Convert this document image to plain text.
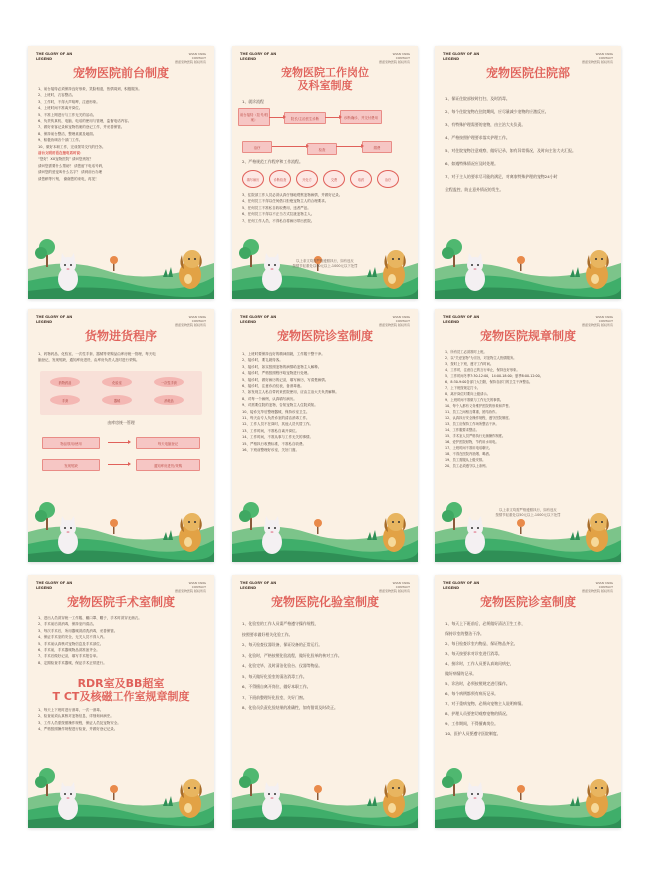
THE GLORY OF AN
LEGEND
WIAN YANG
CONTACT
德诺宠物医院 版权所有
宠物医院前台制度
1、前台接待必须保持良好形象，笑脸相迎，热情周到，积极服务。
2、上班时，衣容整洁。
3、工作时，不得大声喧哗，注意形象。
4、上班时间不准离开岗位。
5、不准上网进行与工作无关的活动。
6、负责传真机、电脑、电话的使用与管理，监督电话内容。
7、做好来客记录和宠物档案的登记工作，并妥善保管。
8、保持前台整洁，整理桌面及地面。
9、积极协调各个部门工作。
10、做好本职工作，完成领导交代的任务。
前台文明用语在接电话时说：
“您好！XX宠物医院” 请问您贵姓？
请问您需要什么帮助？ 请您留下电话号码，
请问您的爱宠叫什么名字？ 请到前台办理
请您稍等片刻， 谢谢您的来电，再见！
THE GLORY OF AN
LEGEND
WIAN YANG
CONTACT
德诺宠物医院 版权所有
宠物医院工作岗位
及科室制度
1、就诊流程
前台接待（挂号/档案）	院长/主治医生诊断	诊断确诊、并交付费用
治疗	检查	缴费
2、严格规范工作程序和工作流程。
填写病历	诊断检查	开处方	交费	取药	治疗
3、住院部工作人员必须认真仔细地观察宠物病情，并做好记录。
4、任何员工不得以任何借口拒绝宠物主人的合理要求。
5、任何员工不准私自收取费用，违者严惩。
6、任何员工不得以不正当方式拉拢宠物主人。
7、任何工作人员，不得私自将病历带出医院。
以上条文均需严格遵照执行，如有违反
按情节轻重处以50元以上-1000元以下处罚
THE GLORY OF AN
LEGEND
WIAN YANG
CONTACT
德诺宠物医院 版权所有
宠物医院住院部
1、保证住院部按时打扫，及时消毒。
2、每个住院宠物在住院期间，应尽量减少宠物的应激反应。
3、有特殊护理需要的宠物，由主治大夫负责。
4、严格按照护理要求落实护理工作。
5、对住院宠物注意观察，做好记录，如有异常情况，及时向主治大夫汇报。
6、如遇特殊情况应及时处理。
7、对于主人的要求尽可能的满足，对离家特殊护理的宠物24小时
全程监控，防止意外情况的发生。
THE GLORY OF AN
LEGEND
WIAN YANG
CONTACT
德诺宠物医院 版权所有
货物进货程序
1、药物药品、化验室、一次性手套、器械等采购品由库房统一管理，每天电
脑登记，发现短缺，通知库房进货，由库房负责人及时进行采购。
药物药品	化验室	一次性手套
手套	器械	消耗品
由库房统一管理
物品领用/使用	每天电脑登记
发现短缺	通知库房进货/采购
THE GLORY OF AN
LEGEND
WIAN YANG
CONTACT
德诺宠物医院 版权所有
宠物医院诊室制度
1、上班时要保持良好的精神面貌，工作服干整干净。
2、接诊时，要礼貌待客。
3、接诊时，如实按照宠物的病情给宠物主人解释。
4、接诊时，严格按照程序给宠物进行处理。
5、接诊时，做好病历的记录，填写病历，写清楚病情。
6、接诊时，注意诊治仪表，备消毒液。
7、如发现主人私自带药来医院使用，应由主治大夫负责解释。
8、对每一个病例，认真填写病历。
9、对需要住院的宠物，告知宠物主人住院须知。
10、接诊完毕后整理器械，保持诊室卫生。
11、每天由专人负责诊室的清洁消毒工作。
12、工作人员不在岗时，其他人员代替工作。
13、工作时间，不准私自离开岗位。
14、工作时间，不准从事与工作无关的事情。
15、严格执行收费标准，不准私自收费。
16、下班前整理好诊室，关好门窗。
THE GLORY OF AN
LEGEND
WIAN YANG
CONTACT
德诺宠物医院 版权所有
宠物医院规章制度
1、所有员工必须准时上班。
2、以“关爱宠物”为宗旨，对宠物主人热情服务。
3、按时上下班，遵守工作时间。
4、工作时，注意自己的言行举止，保持良好形象。
5、工作时间冬季7:30-12:00，14:00-18:00；夏季8:00-12:00。
6、8:30-9:00各部门大扫除，保持各部门的卫生干净整洁。
7、上下班按规定打卡。
8、离开岗位时要向上级请示。
9、上班时间不准做与工作无关的事情。
10、每个人都有义务维护医院的形象和声誉。
11、员工之间相互尊重，团结协作。
12、认真执行安全操作规程，遵守医院制度。
13、员工应保持工作场所整洁干净。
14、工作服要求整洁。
15、手术室人员严格执行无菌操作制度。
16、爱护医院财物，节约用水用电。
17、上班时间不准用电话聊天。
18、不得在医院内抽烟、喝酒。
19、员工需服从上级安排。
20、员工必须遵守以上条例。
以上条文均需严格遵照执行，如有违反
按情节轻重处以50元以上-1000元以下处罚
THE GLORY OF AN
LEGEND
WIAN YANG
CONTACT
德诺宠物医院 版权所有
宠物医院手术室制度
1、进出人员须穿统一工作服、戴口罩、帽子，手术时须穿无菌衣。
2、手术前后须消毒，保持室内清洁。
3、每次手术后，所用器械须清洗消毒，妥善保管。
4、保证手术室的安全，无关人员不得入内。
5、手术前认真核对宠物信息及手术部位。
6、手术前，手术器械物品须准备齐全。
7、手术后做好记录，填写手术报告单。
8、定期检查手术器械，保证手术正常进行。
RDR室及BB超室
T CT及核磁工作室规章制度
1、每天上下班时进行消毒，一次一消毒。
2、检查前须认真核对宠物信息，详细询问病史。
3、工作人员需按照操作规程，保证人员及宠物安全。
4、严格按照操作规程进行检查，并做好登记记录。
THE GLORY OF AN
LEGEND
WIAN YANG
CONTACT
德诺宠物医院 版权所有
宠物医院化验室制度
1、化验室的工作人员需严格遵守操作规程，
按照要求做好相关化验工作。
2、每天检查仪器设备，保证设备的正常运行。
3、化验时，严格按照化验流程，做好化验单的核对工作。
4、化验完毕，及时清洁化验台、仪器等物品。
5、每天做好化验室的清洁消毒工作。
6、不得擅自离开岗位，做好本职工作。
7、下班前整理好化验室，关好门窗。
8、化验员负责化验结果的准确性，如有错误及时改正。
THE GLORY OF AN
LEGEND
WIAN YANG
CONTACT
德诺宠物医院 版权所有
宠物医院诊室制度
1、每天上下班前后，必须做好清洁卫生工作，
保持诊室的整洁干净。
2、每日检查诊室内物品，保证物品齐全。
3、每天按要求对诊室进行消毒。
4、接诊时，工作人员要认真询问病史，
做好病情的记录。
5、诊治时，必须按照规定进行操作。
6、每个病例都须有病历记录。
7、对于重病宠物，必须向宠物主人说明病情。
8、护理人员要密切观察宠物的情况。
9、工作期间，不得擅离岗位。
10、医护人员要遵守医院制度。
